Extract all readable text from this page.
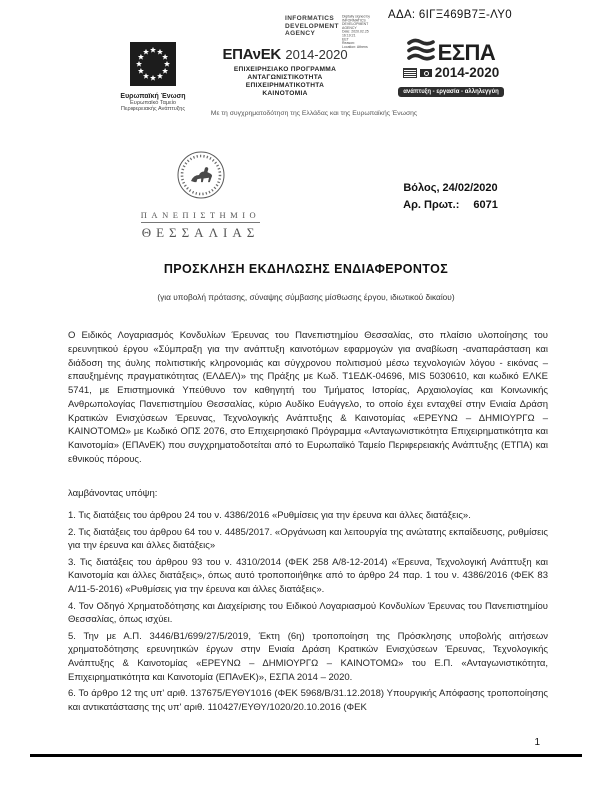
ΑΔΑ: 6ΙΓΞ469Β7Ξ-ΛΥ0
INFORMATICS DEVELOPMENT AGENCY
Digitally signed by
INFORMATICS
DEVELOPMENT AGENCY
Date: 2020.02.25 16:19:21
EET
Reason:
Location: Athens
Ευρωπαϊκή Ένωση
Ευρωπαϊκό Ταμείο
Περιφερειακής Ανάπτυξης
ΕΠΑνΕΚ 2014-2020
ΕΠΙΧΕΙΡΗΣΙΑΚΟ ΠΡΟΓΡΑΜΜΑ
ΑΝΤΑΓΩΝΙΣΤΙΚΟΤΗΤΑ
ΕΠΙΧΕΙΡΗΜΑΤΙΚΟΤΗΤΑ
ΚΑΙΝΟΤΟΜΙΑ
ΕΣΠΑ
2014-2020
ανάπτυξη - εργασία - αλληλεγγύη
Με τη συγχρηματοδότηση της Ελλάδας και της Ευρωπαϊκής Ένωσης
ΠΑΝΕΠΙΣΤΗΜΙΟ
ΘΕΣΣΑΛΙΑΣ
Βόλος, 24/02/2020
Αρ. Πρωτ.: 6071
ΠΡΟΣΚΛΗΣΗ ΕΚΔΗΛΩΣΗΣ ΕΝΔΙΑΦΕΡΟΝΤΟΣ
(για υποβολή πρότασης, σύναψης σύμβασης μίσθωσης έργου, ιδιωτικού δικαίου)

Ο Ειδικός Λογαριασμός Κονδυλίων Έρευνας του Πανεπιστημίου Θεσσαλίας, στο πλαίσιο υλοποίησης του ερευνητικού έργου «Σύμπραξη για την ανάπτυξη καινοτόμων εφαρμογών για αναβίωση -αναπαράσταση και διάδοση της άυλης πολιτιστικής κληρονομιάς και σύγχρονου πολιτισμού μέσω τεχνολογιών λόγου - εικόνας – επαυξημένης πραγματικότητας (ΕΛΔΕΛ)» της Πράξης με Κωδ. Τ1ΕΔΚ-04696, MIS 5030610, και κωδικό ΕΛΚΕ 5741, με Επιστημονικά Υπεύθυνο τον καθηγητή του Τμήματος Ιστορίας, Αρχαιολογίας και Κοινωνικής Ανθρωπολογίας Πανεπιστημίου Θεσσαλίας, κύριο Αυδίκο Ευάγγελο, το οποίο έχει ενταχθεί στην Ενιαία Δράση Κρατικών Ενισχύσεων Έρευνας, Τεχνολογικής Ανάπτυξης & Καινοτομίας «ΕΡΕΥΝΩ – ΔΗΜΙΟΥΡΓΩ – ΚΑΙΝΟΤΟΜΩ» με Κωδικό ΟΠΣ 2076, στο Επιχειρησιακό Πρόγραμμα «Ανταγωνιστικότητα Επιχειρηματικότητα και Καινοτομία» (ΕΠΑνΕΚ) που συγχρηματοδοτείται από το Ευρωπαϊκό Ταμείο Περιφερειακής Ανάπτυξης (ΕΤΠΑ) και εθνικούς πόρους.

λαμβάνοντας υπόψη:

1. Τις διατάξεις του άρθρου 24 του ν. 4386/2016 «Ρυθμίσεις για την έρευνα και άλλες διατάξεις».

2. Τις διατάξεις του άρθρου 64 του ν. 4485/2017. «Οργάνωση και λειτουργία της ανώτατης εκπαίδευσης, ρυθμίσεις για την έρευνα και άλλες διατάξεις»

3. Τις διατάξεις του άρθρου 93 του ν. 4310/2014 (ΦΕΚ 258 Α/8-12-2014) «Έρευνα, Τεχνολογική Ανάπτυξη και Καινοτομία και άλλες διατάξεις», όπως αυτό τροποποιήθηκε από το άρθρο 24 παρ. 1 του ν. 4386/2016 (ΦΕΚ 83 Α/11-5-2016) «Ρυθμίσεις για την έρευνα και άλλες διατάξεις».

4. Τον Οδηγό Χρηματοδότησης και Διαχείρισης του Ειδικού Λογαριασμού Κονδυλίων Έρευνας του Πανεπιστημίου Θεσσαλίας, όπως ισχύει.

5. Την με Α.Π. 3446/Β1/699/27/5/2019, Έκτη (6η) τροποποίηση της Πρόσκλησης υποβολής αιτήσεων χρηματοδότησης ερευνητικών έργων στην Ενιαία Δράση Κρατικών Ενισχύσεων Έρευνας, Τεχνολογικής Ανάπτυξης & Καινοτομίας «ΕΡΕΥΝΩ – ΔΗΜΙΟΥΡΓΩ – ΚΑΙΝΟΤΟΜΩ» του Ε.Π. «Ανταγωνιστικότητα, Επιχειρηματικότητα και Καινοτομία (ΕΠΑνΕΚ)», ΕΣΠΑ 2014 – 2020.

6. Το άρθρο 12 της υπ' αριθ. 137675/ΕΥΘΥ1016 (ΦΕΚ 5968/Β/31.12.2018) Υπουργικής Απόφασης τροποποίησης και αντικατάστασης της υπ' αριθ. 110427/ΕΥΘΥ/1020/20.10.2016 (ΦΕΚ

1
